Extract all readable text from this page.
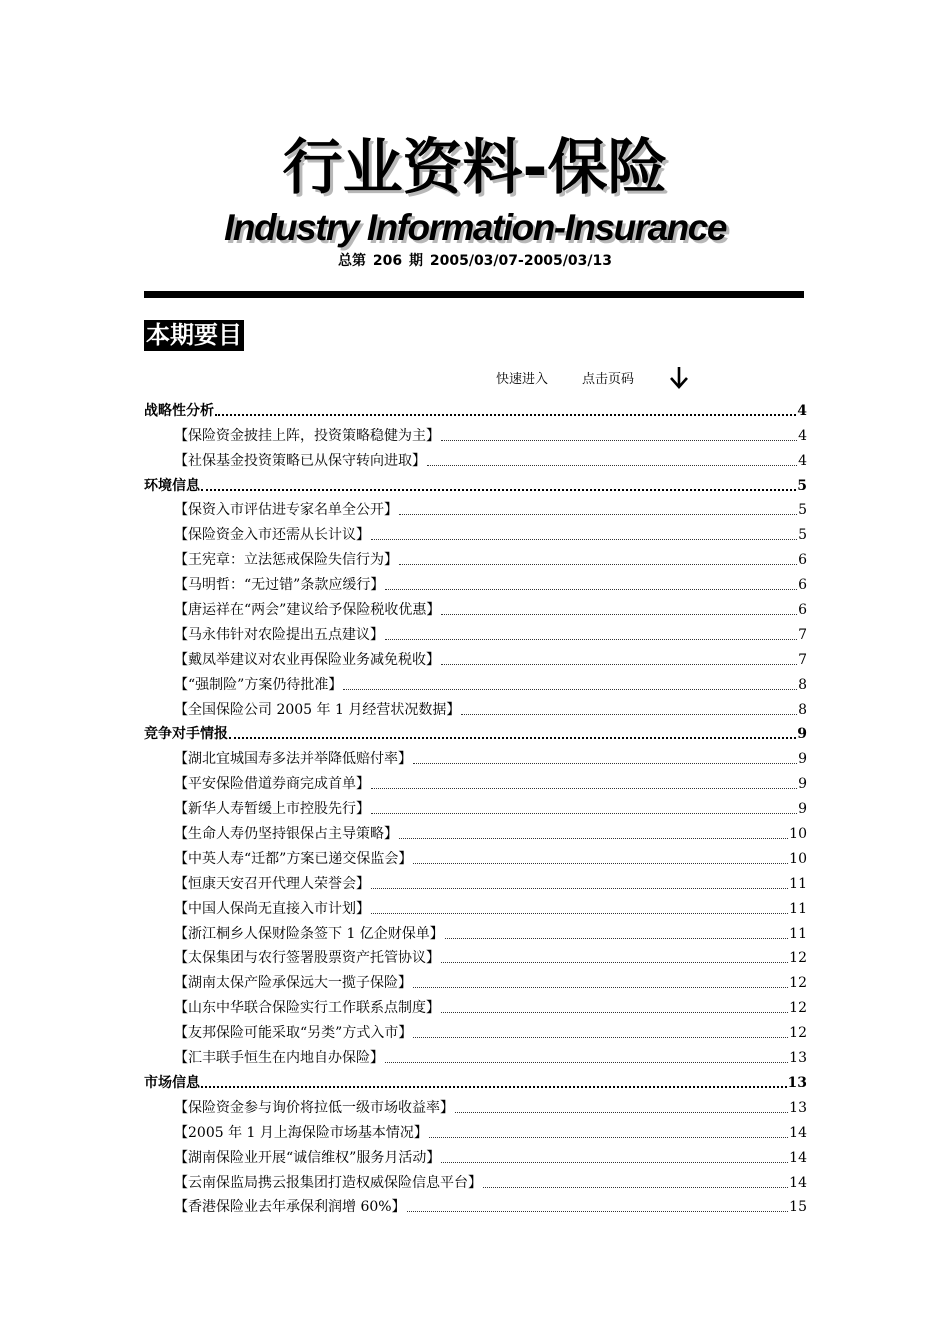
行业资料-保险
Industry Information-Insurance
总第 206 期 2005/03/07-2005/03/13
本期要目
快速进入	点击页码
战略性分析	4
【保险资金披挂上阵，投资策略稳健为主】	4
【社保基金投资策略已从保守转向进取】	4
环境信息	5
【保资入市评估进专家名单全公开】	5
【保险资金入市还需从长计议】	5
【王宪章：立法惩戒保险失信行为】	6
【马明哲：“无过错”条款应缓行】	6
【唐运祥在“两会”建议给予保险税收优惠】	6
【马永伟针对农险提出五点建议】	7
【戴凤举建议对农业再保险业务减免税收】	7
【“强制险”方案仍待批准】	8
【全国保险公司 2005 年 1 月经营状况数据】	8
竞争对手情报	9
【湖北宜城国寿多法并举降低赔付率】	9
【平安保险借道券商完成首单】	9
【新华人寿暂缓上市控股先行】	9
【生命人寿仍坚持银保占主导策略】	10
【中英人寿“迁都”方案已递交保监会】	10
【恒康天安召开代理人荣誉会】	11
【中国人保尚无直接入市计划】	11
【浙江桐乡人保财险条签下 1 亿企财保单】	11
【太保集团与农行签署股票资产托管协议】	12
【湖南太保产险承保远大一揽子保险】	12
【山东中华联合保险实行工作联系点制度】	12
【友邦保险可能采取“另类”方式入市】	12
【汇丰联手恒生在内地自办保险】	13
市场信息	13
【保险资金参与询价将拉低一级市场收益率】	13
【2005 年 1 月上海保险市场基本情况】	14
【湖南保险业开展“诚信维权”服务月活动】	14
【云南保监局携云报集团打造权威保险信息平台】	14
【香港保险业去年承保利润增 60%】	15
